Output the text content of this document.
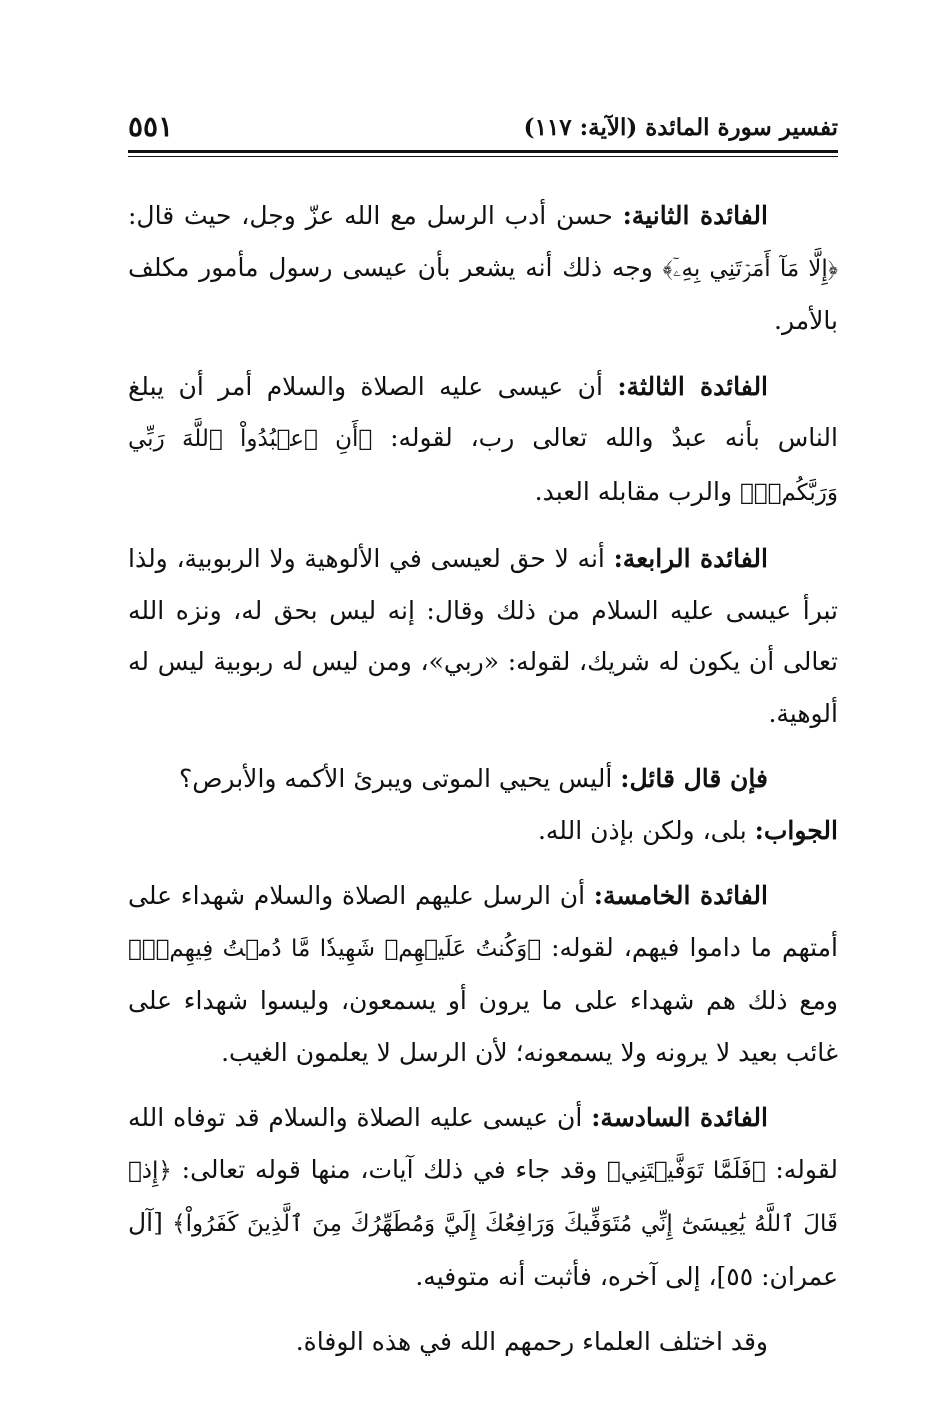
تفسير سورة المائدة (الآية: ١١٧)
٥٥١

الفائدة الثانية: حسن أدب الرسل مع الله عزّ وجل، حيث قال: ﴿إِلَّا مَآ أَمَرۡتَنِي بِهِۦٓ﴾ وجه ذلك أنه يشعر بأن عيسى رسول مأمور مكلف بالأمر.

الفائدة الثالثة: أن عيسى عليه الصلاة والسلام أمر أن يبلغ الناس بأنه عبدٌ والله تعالى رب، لقوله: ﴿أَنِ ٱعۡبُدُواْ ٱللَّهَ رَبِّي وَرَبَّكُمۡۚ﴾ والرب مقابله العبد.

الفائدة الرابعة: أنه لا حق لعيسى في الألوهية ولا الربوبية، ولذا تبرأ عيسى عليه السلام من ذلك وقال: إنه ليس بحق له، ونزه الله تعالى أن يكون له شريك، لقوله: «ربي»، ومن ليس له ربوبية ليس له ألوهية.

فإن قال قائل: أليس يحيي الموتى ويبرئ الأكمه والأبرص؟

الجواب: بلى، ولكن بإذن الله.

الفائدة الخامسة: أن الرسل عليهم الصلاة والسلام شهداء على أمتهم ما داموا فيهم، لقوله: ﴿وَكُنتُ عَلَيۡهِمۡ شَهِيدٗا مَّا دُمۡتُ فِيهِمۡۖ﴾ ومع ذلك هم شهداء على ما يرون أو يسمعون، وليسوا شهداء على غائب بعيد لا يرونه ولا يسمعونه؛ لأن الرسل لا يعلمون الغيب.

الفائدة السادسة: أن عيسى عليه الصلاة والسلام قد توفاه الله لقوله: ﴿فَلَمَّا تَوَفَّيۡتَنِي﴾ وقد جاء في ذلك آيات، منها قوله تعالى: ﴿إِذۡ قَالَ ٱللَّهُ يَٰعِيسَىٰٓ إِنِّي مُتَوَفِّيكَ وَرَافِعُكَ إِلَيَّ وَمُطَهِّرُكَ مِنَ ٱلَّذِينَ كَفَرُواْ﴾ [آل عمران: ٥٥]، إلى آخره، فأثبت أنه متوفيه.

وقد اختلف العلماء رحمهم الله في هذه الوفاة.
